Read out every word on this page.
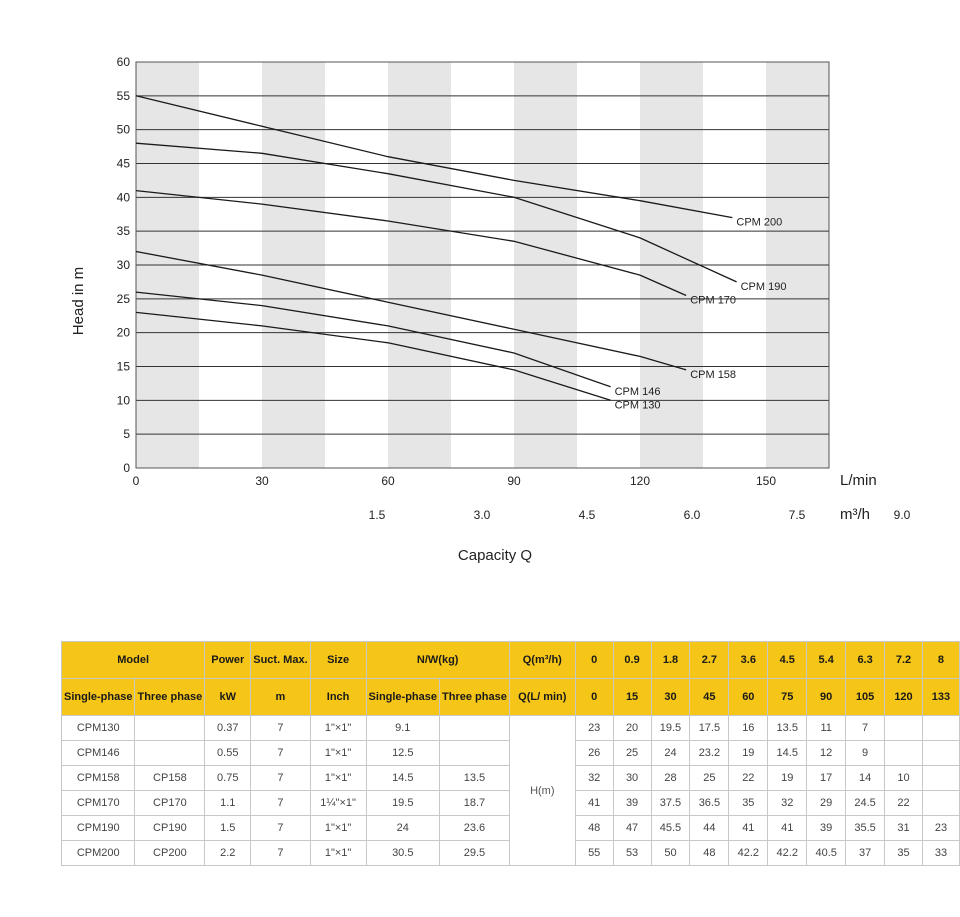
0
5
10
15
20
25
30
35
40
45
50
55
60
0	30	60	90	120	150
1.5	3.0	4.5	6.0	7.5	9.0
CPM 200
CPM 190
CPM 170
CPM 158
CPM 146
CPM 130
Head in m
L/min
m³/h
Capacity Q
Model		Power	Suct. Max.	Size	N/W(kg)		Q(m³/h)	0	0.9	1.8	2.7	3.6	4.5	5.4	6.3	7.2	8
Single-phase	Three phase	kW	m	Inch	Single-phase	Three phase	Q(L/ min)	0	15	30	45	60	75	90	105	120	133
CPM130		0.37	7	1"×1"	9.1		H(m)	23	20	19.5	17.5	16	13.5	11	7		
CPM146		0.55	7	1"×1"	12.5			26	25	24	23.2	19	14.5	12	9		
CPM158	CP158	0.75	7	1"×1"	14.5	13.5		32	30	28	25	22	19	17	14	10	
CPM170	CP170	1.1	7	1¼"×1"	19.5	18.7		41	39	37.5	36.5	35	32	29	24.5	22	
CPM190	CP190	1.5	7	1"×1"	24	23.6		48	47	45.5	44	41	41	39	35.5	31	23
CPM200	CP200	2.2	7	1"×1"	30.5	29.5		55	53	50	48	42.2	42.2	40.5	37	35	33
